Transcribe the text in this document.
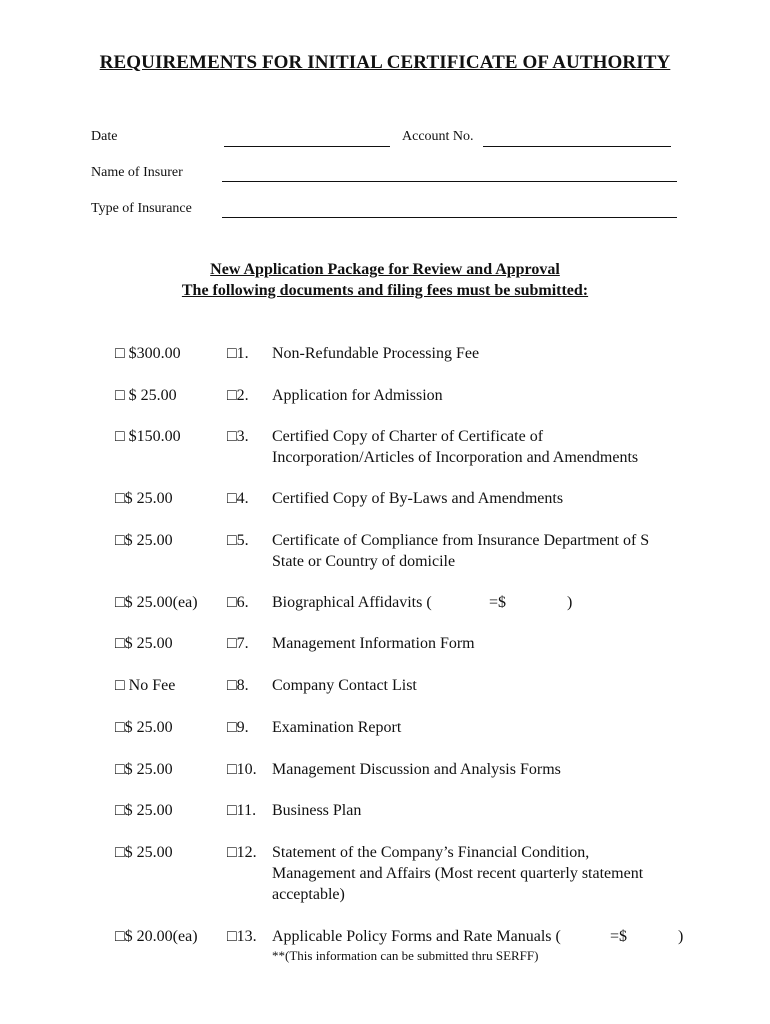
REQUIREMENTS FOR INITIAL CERTIFICATE OF AUTHORITY
Date	Account No.
Name of Insurer
Type of Insurance
New Application Package for Review and Approval
The following documents and filing fees must be submitted:
□ $300.00	□1. Non-Refundable Processing Fee
□ $ 25.00	□2. Application for Admission
□ $150.00	□3. Certified Copy of Charter of Certificate of
Incorporation/Articles of Incorporation and Amendments
□$ 25.00	□4. Certified Copy of By-Laws and Amendments
□$ 25.00	□5. Certificate of Compliance from Insurance Department of S
State or Country of domicile
□$ 25.00(ea) □6. Biographical Affidavits (	=$	)
□$ 25.00	□7. Management Information Form
□ No Fee	□8. Company Contact List
□$ 25.00	□9. Examination Report
□$ 25.00	□10. Management Discussion and Analysis Forms
□$ 25.00	□11. Business Plan
□$ 25.00	□12. Statement of the Company’s Financial Condition,
Management and Affairs (Most recent quarterly statement
acceptable)
□$ 20.00(ea) □13. Applicable Policy Forms and Rate Manuals (	=$	)
**(This information can be submitted thru SERFF)
